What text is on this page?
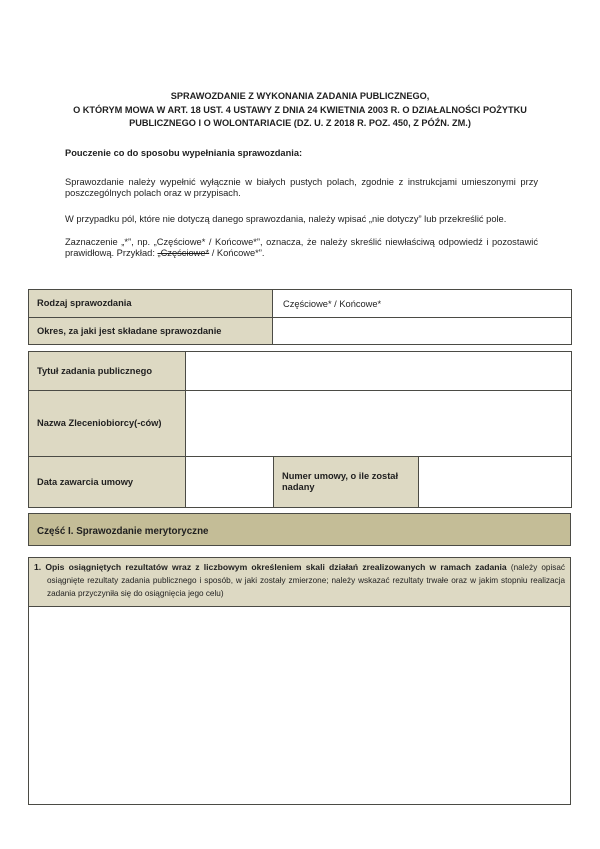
SPRAWOZDANIE Z WYKONANIA ZADANIA PUBLICZNEGO,
O KTÓRYM MOWA W ART. 18 UST. 4 USTAWY Z DNIA 24 KWIETNIA 2003 R. O DZIAŁALNOŚCI POŻYTKU
PUBLICZNEGO I O WOLONTARIACIE (DZ. U. Z 2018 R. POZ. 450, Z PÓŹN. ZM.)
Pouczenie co do sposobu wypełniania sprawozdania:
Sprawozdanie należy wypełnić wyłącznie w białych pustych polach, zgodnie z instrukcjami umieszonymi przy poszczególnych polach oraz w przypisach.
W przypadku pól, które nie dotyczą danego sprawozdania, należy wpisać „nie dotyczy” lub przekreślić pole.
Zaznaczenie „*”, np. „Częściowe* / Końcowe*”, oznacza, że należy skreślić niewłaściwą odpowiedź i pozostawić prawidłową. Przykład: „Częściowe* / Końcowe*”.
Rodzaj sprawozdania	Częściowe* / Końcowe*
Okres, za jaki jest składane sprawozdanie	
Tytuł zadania publicznego			
Nazwa Zleceniobiorcy(-ców)			
Data zawarcia umowy		Numer umowy, o ile został nadany	
Część I. Sprawozdanie merytoryczne
1. Opis osiągniętych rezultatów wraz z liczbowym określeniem skali działań zrealizowanych w ramach zadania (należy opisać osiągnięte rezultaty zadania publicznego i sposób, w jaki zostały zmierzone; należy wskazać rezultaty trwałe oraz w jakim stopniu realizacja zadania przyczyniła się do osiągnięcia jego celu)
